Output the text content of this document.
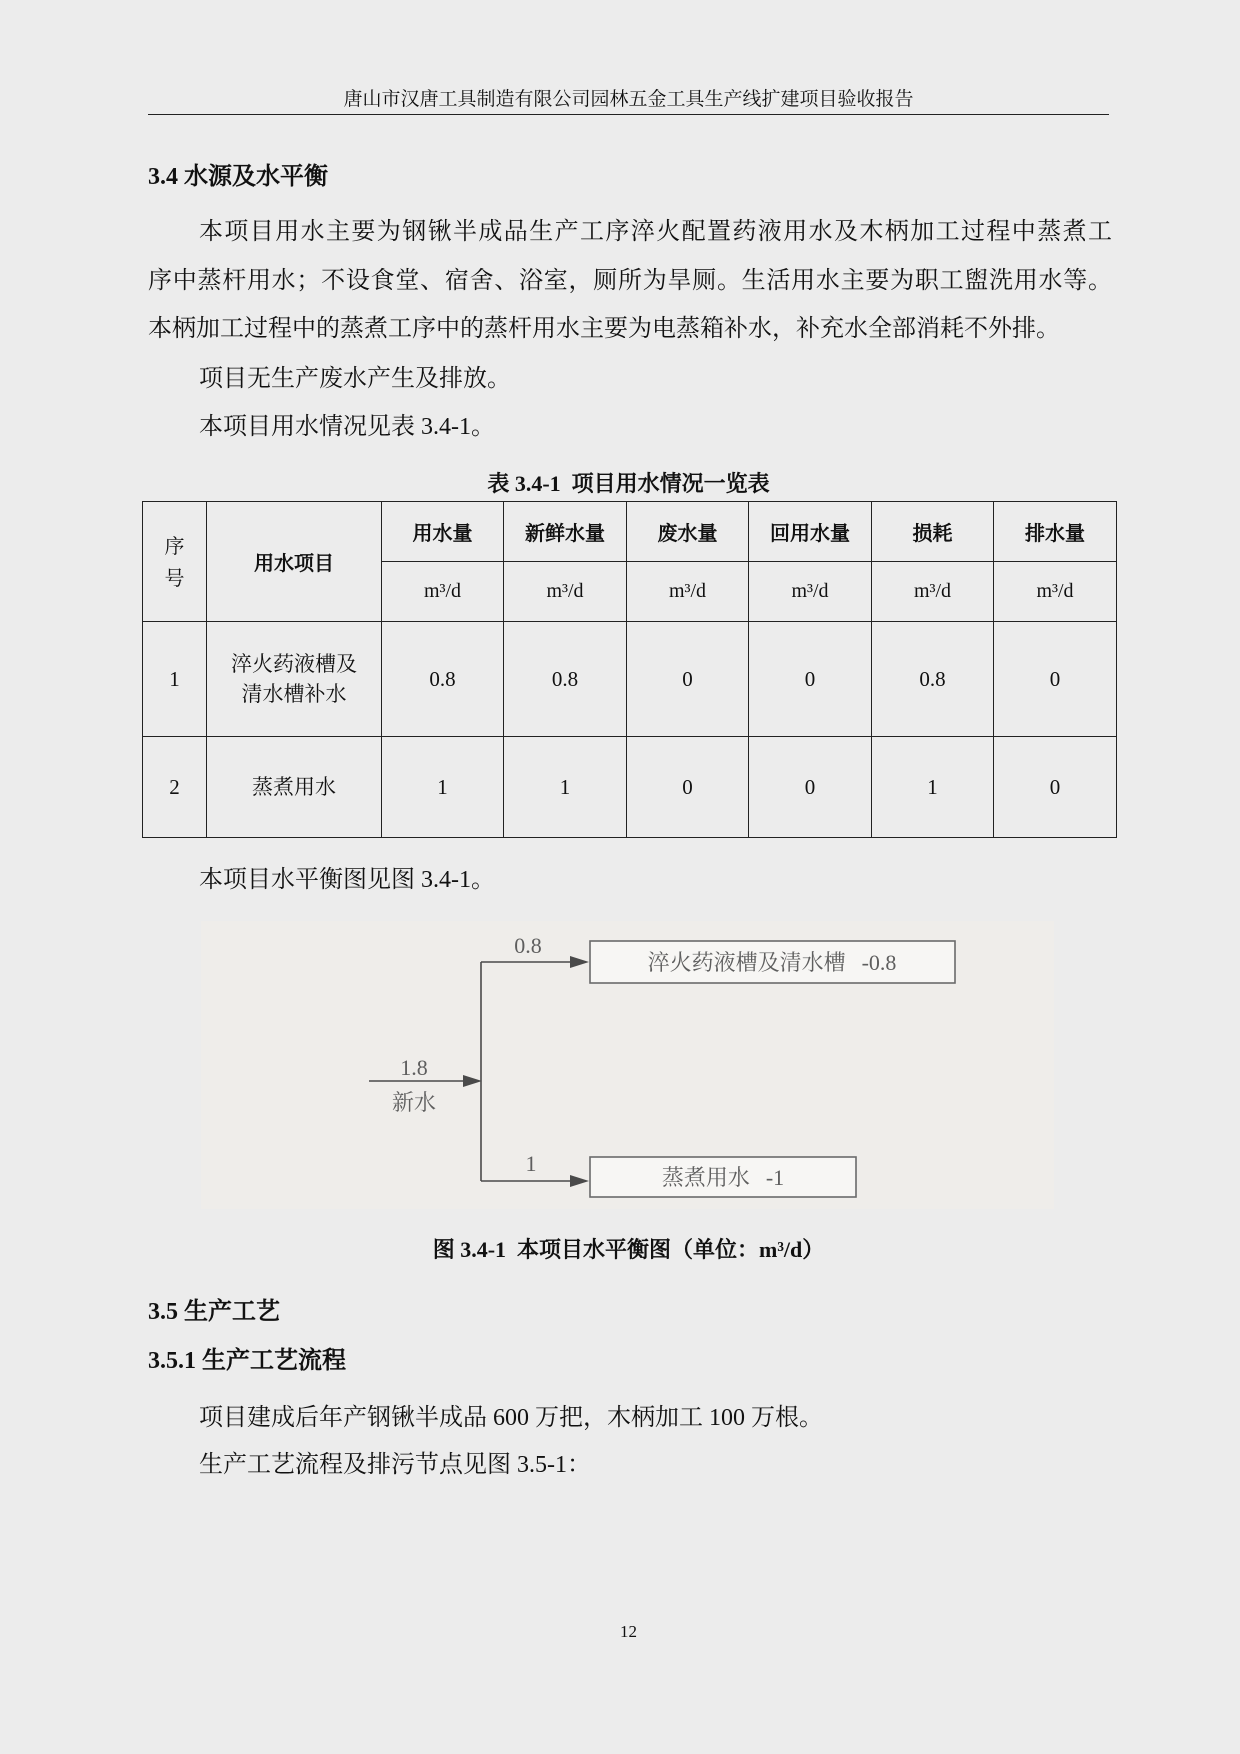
唐山市汉唐工具制造有限公司园林五金工具生产线扩建项目验收报告
3.4 水源及水平衡
本项目用水主要为钢锹半成品生产工序淬火配置药液用水及木柄加工过程中蒸煮工
序中蒸杆用水；不设食堂、宿舍、浴室，厕所为旱厕。生活用水主要为职工盥洗用水等。
本柄加工过程中的蒸煮工序中的蒸杆用水主要为电蒸箱补水，补充水全部消耗不外排。
项目无生产废水产生及排放。
本项目用水情况见表 3.4-1。
表 3.4-1  项目用水情况一览表
序号	用水项目	用水量	新鲜水量	废水量	回用水量	损耗	排水量
		m³/d	m³/d	m³/d	m³/d	m³/d	m³/d
1	淬火药液槽及清水槽补水	0.8	0.8	0	0	0.8	0
2	蒸煮用水	1	1	0	0	1	0
本项目水平衡图见图 3.4-1。
1.8
新水
0.8
1
淬火药液槽及清水槽 -0.8
蒸煮用水 -1
图 3.4-1  本项目水平衡图（单位：m³/d）
3.5 生产工艺
3.5.1 生产工艺流程
项目建成后年产钢锹半成品 600 万把，木柄加工 100 万根。
生产工艺流程及排污节点见图 3.5-1：
12
